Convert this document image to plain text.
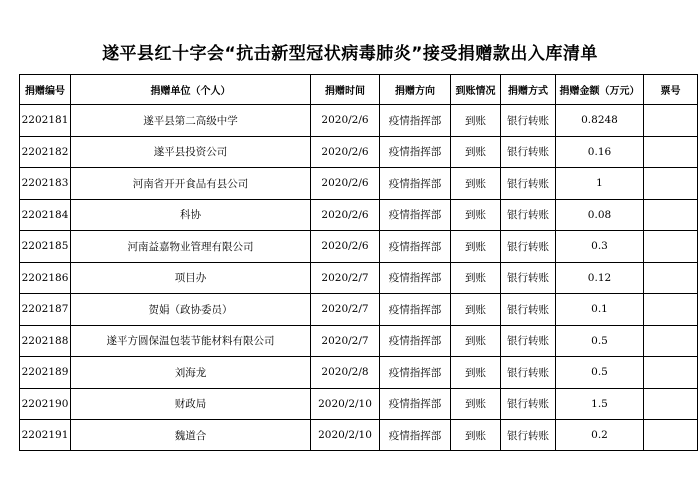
遂平县红十字会“抗击新型冠状病毒肺炎”接受捐赠款出入库清单
捐赠编号	捐赠单位（个人）	捐赠时间	捐赠方向	到账情况	捐赠方式	捐赠金额（万元）	票号
2202181	遂平县第二高级中学	2020/2/6	疫情指挥部	到账	银行转账	0.8248	
2202182	遂平县投资公司	2020/2/6	疫情指挥部	到账	银行转账	0.16	
2202183	河南省开开食品有县公司	2020/2/6	疫情指挥部	到账	银行转账	1	
2202184	科协	2020/2/6	疫情指挥部	到账	银行转账	0.08	
2202185	河南益嘉物业管理有限公司	2020/2/6	疫情指挥部	到账	银行转账	0.3	
2202186	项目办	2020/2/7	疫情指挥部	到账	银行转账	0.12	
2202187	贺娟（政协委员）	2020/2/7	疫情指挥部	到账	银行转账	0.1	
2202188	遂平方圆保温包装节能材料有限公司	2020/2/7	疫情指挥部	到账	银行转账	0.5	
2202189	刘海龙	2020/2/8	疫情指挥部	到账	银行转账	0.5	
2202190	财政局	2020/2/10	疫情指挥部	到账	银行转账	1.5	
2202191	魏道合	2020/2/10	疫情指挥部	到账	银行转账	0.2	
